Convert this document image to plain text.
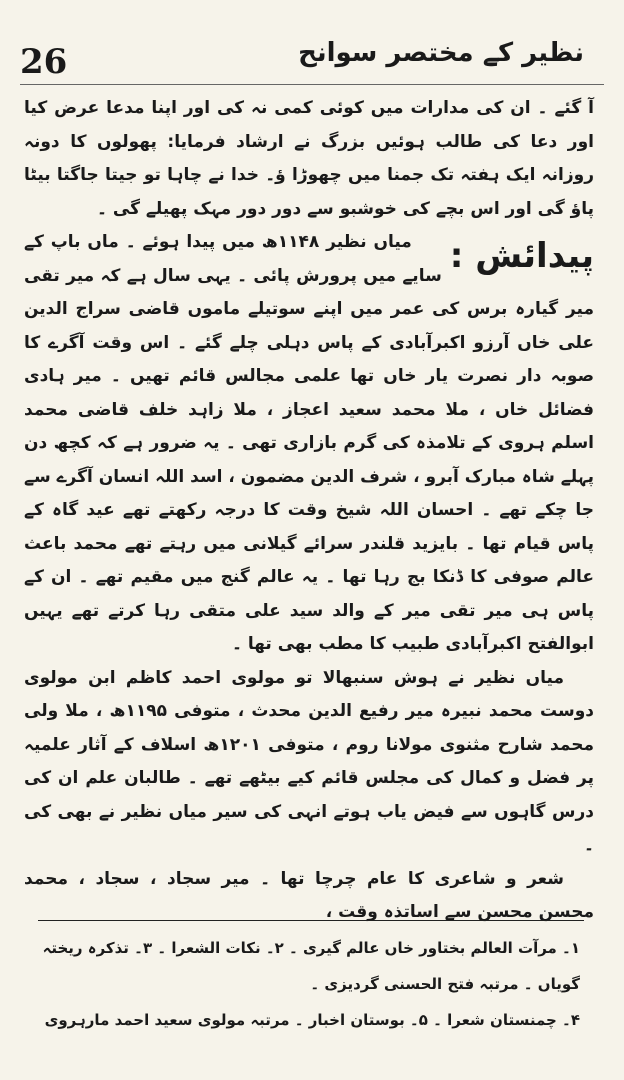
26	نظیر کے مختصر سوانح

آ گئے ۔ ان کی مدارات میں کوئی کمی نہ کی اور اپنا مدعا عرض کیا اور دعا کی طالب ہوئیں بزرگ نے ارشاد فرمایا: پھولوں کا دونہ روزانہ ایک ہفتہ تک جمنا میں چھوڑا ؤ۔ خدا نے چاہا تو جیتا جاگتا بیٹا پاؤ گی اور اس بچے کی خوشبو سے دور دور مہک پھیلے گی ۔

پیدائش :

میاں نظیر ۱۱۴۸ھ میں پیدا ہوئے ۔ ماں باپ کے سایے میں پرورش پائی ۔ یہی سال ہے کہ میر تقی میر گیارہ برس کی عمر میں اپنے سوتیلے ماموں قاضی سراج الدین علی خاں آرزو اکبرآبادی کے پاس دہلی چلے گئے ۔ اس وقت آگرے کا صوبہ دار نصرت یار خاں تھا علمی مجالس قائم تھیں ۔ میر ہادی فضائل خاں ، ملا محمد سعید اعجاز ، ملا زاہد خلف قاضی محمد اسلم ہروی کے تلامذہ کی گرم بازاری تھی ۔ یہ ضرور ہے کہ کچھ دن پہلے شاہ مبارک آبرو ، شرف الدین مضمون ، اسد اللہ انسان آگرے سے جا چکے تھے ۔ احسان اللہ شیخ وقت کا درجہ رکھتے تھے عید گاہ کے پاس قیام تھا ۔ بایزید قلندر سرائے گیلانی میں رہتے تھے محمد باعث عالم صوفی کا ڈنکا بج رہا تھا ۔ یہ عالم گنج میں مقیم تھے ۔ ان کے پاس ہی میر تقی میر کے والد سید علی متقی رہا کرتے تھے یہیں ابوالفتح اکبرآبادی طبیب کا مطب بھی تھا ۔

میاں نظیر نے ہوش سنبھالا تو مولوی احمد کاظم ابن مولوی دوست محمد نبیرہ میر رفیع الدین محدث ، متوفی ۱۱۹۵ھ ، ملا ولی محمد شارح مثنوی مولانا روم ، متوفی ۱۲۰۱ھ اسلاف کے آثار علمیہ پر فضل و کمال کی مجلس قائم کیے بیٹھے تھے ۔ طالبان علم ان کی درس گاہوں سے فیض یاب ہوتے انہی کی سیر میاں نظیر نے بھی کی ۔

شعر و شاعری کا عام چرچا تھا ۔ میر سجاد ، سجاد ، محمد محسن محسن سے اساتذہ وقت ،

۱۔ مرآت العالم بختاور خاں عالم گیری ۔ ۲۔ نکات الشعرا ۔ ۳۔ تذکرہ ریختہ گویاں ۔ مرتبہ فتح الحسنی گردیزی ۔

۴۔ چمنستان شعرا ۔ ۵۔ بوستان اخبار ۔ مرتبہ مولوی سعید احمد مارہروی
